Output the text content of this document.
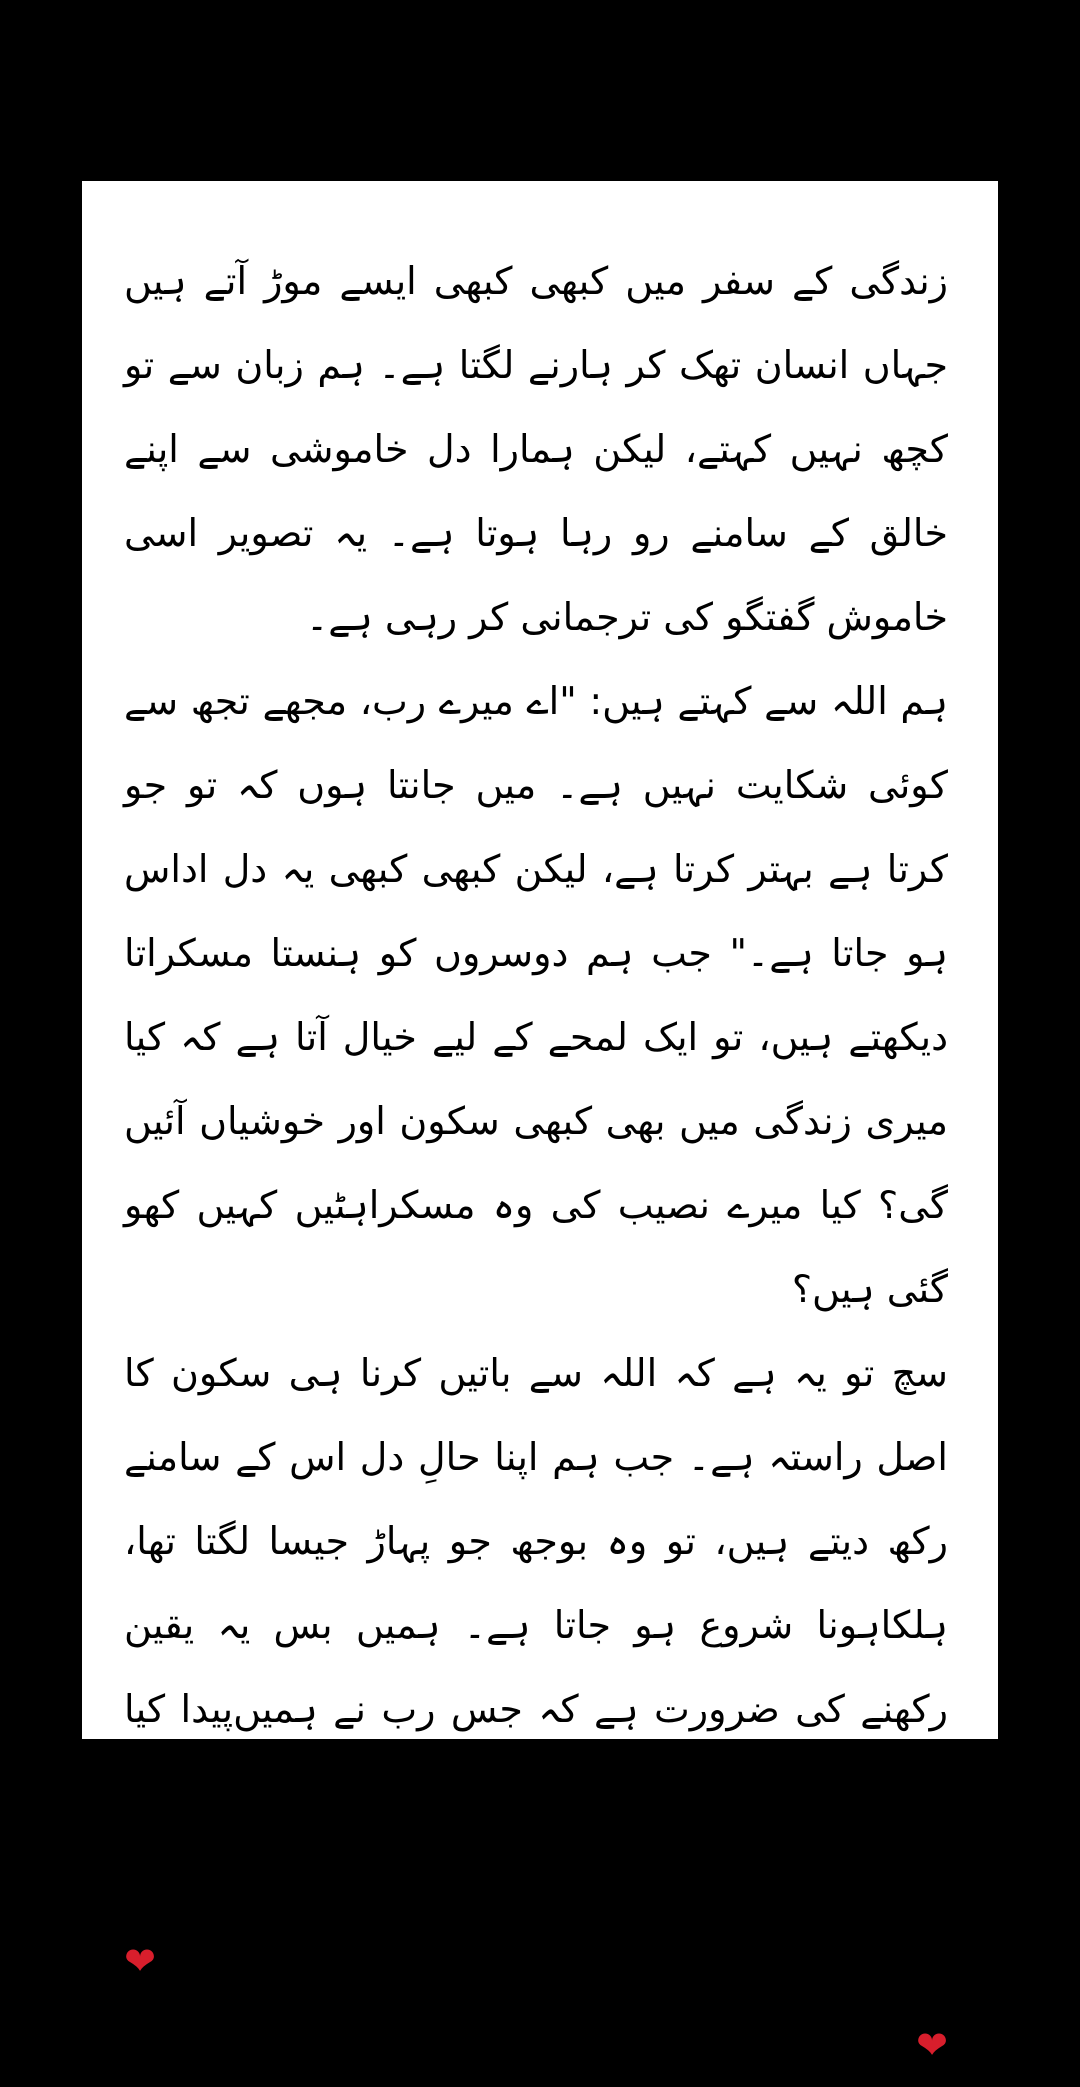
زندگی کے سفر میں کبھی کبھی ایسے موڑ آتے ہیں جہاں انسان تھک کر ہارنے لگتا ہے۔ ہم زبان سے تو کچھ نہیں کہتے، لیکن ہمارا دل خاموشی سے اپنے خالق کے سامنے رو رہا ہوتا ہے۔ یہ تصویر اسی خاموش گفتگو کی ترجمانی کر رہی ہے۔

ہم اللہ سے کہتے ہیں: "اے میرے رب، مجھے تجھ سے کوئی شکایت نہیں ہے۔ میں جانتا ہوں کہ تو جو کرتا ہے بہتر کرتا ہے، لیکن کبھی کبھی یہ دل اداس ہو جاتا ہے۔" جب ہم دوسروں کو ہنستا مسکراتا دیکھتے ہیں، تو ایک لمحے کے لیے خیال آتا ہے کہ کیا میری زندگی میں بھی کبھی سکون اور خوشیاں آئیں گی؟ کیا میرے نصیب کی وہ مسکراہٹیں کہیں کھو گئی ہیں؟

سچ تو یہ ہے کہ اللہ سے باتیں کرنا ہی سکون کا اصل راستہ ہے۔ جب ہم اپنا حالِ دل اس کے سامنے رکھ دیتے ہیں، تو وہ بوجھ جو پہاڑ جیسا لگتا تھا، ہلکاہونا شروع ہو جاتا ہے۔ ہمیں بس یہ یقین رکھنے کی ضرورت ہے کہ جس رب نے ہمیں‌پیدا کیا ہے، وہ ہمیں کبھی اکیلا نہیں چھوڑے گا۔

"شکایت نہیں ہے، بس تھوڑی سی طلب ہے... کہ اے اللہ، میری باری کی خوشیاں اب میرے نام کر دے۔"❤❤
